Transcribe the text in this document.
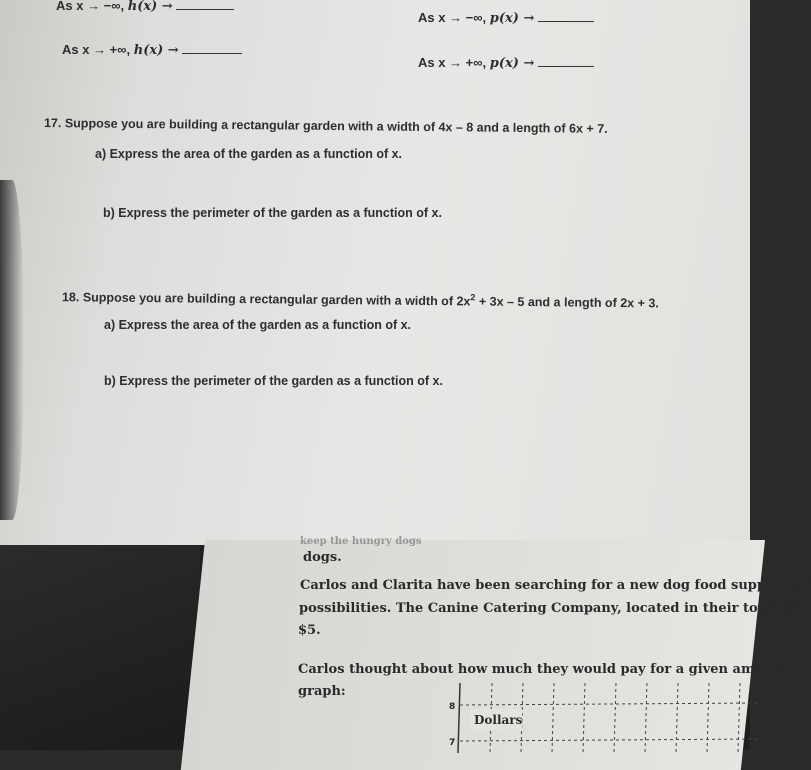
As x → −∞, h(x) →
As x → −∞, p(x) →
As x → +∞, h(x) →
As x → +∞, p(x) →
17. Suppose you are building a rectangular garden with a width of 4x – 8 and a length of 6x + 7.
a) Express the area of the garden as a function of x.
b) Express the perimeter of the garden as a function of x.
18. Suppose you are building a rectangular garden with a width of $2x^2 + 3x - 5$ and a length of 2x + 3.
a) Express the area of the garden as a function of x.
b) Express the perimeter of the garden as a function of x.
keep the hungry dogs
dogs.
Carlos and Clarita have been searching for a new dog food supplier ar
possibilities. The Canine Catering Company, located in their town, s
$5.
Carlos thought about how much they would pay for a given amour
graph:
Dollars
8
7
